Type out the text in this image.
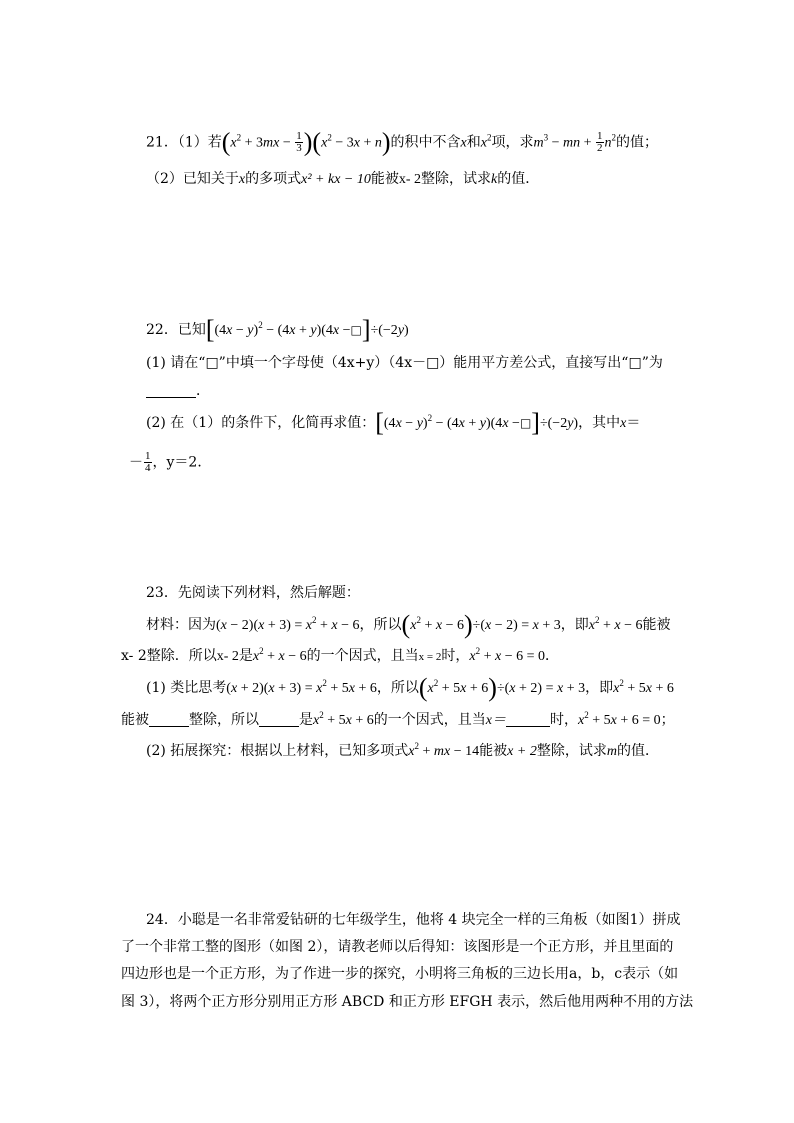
21．（1）若$(x^2 + 3mx - \frac{1}{3} )(x^2 - 3x + n)$的积中不含x和$x^2$项，求$m^3$ − mn + $\frac{1}{2} n^2$的值；
（2）已知关于x的多项式x² + kx − 10能被x- 2整除，试求k的值．
22．已知[$(4x - y)^2 - (4x + y)(4x$ −□]÷(−2y)
(1) 请在“□”中填一个字母使（4x+y）（4x－□）能用平方差公式，直接写出“□”为
．
(2) 在（1）的条件下，化简再求值：[$(4x - y)^2 - (4x + y)(4x$ −□]÷(−2y)，其中x＝
－ $\frac{1}{4}$ ，y＝2．
23．先阅读下列材料，然后解题：
材料：因为$(x - 2)(x + 3) = x^2 + x - 6$，所以$(x^2 + x - 6)\div(x - 2) = x + 3$，即$x^2 + x - 6$能被
x- 2整除．所以x- 2是$x^2 + x - 6$的一个因式，且当x = 2时，$x^2 + x - 6 = 0$．
(1) 类比思考$(x + 2)(x + 3) = x^2 + 5x + 6$，所以$(x^2 + 5x + 6)\div(x + 2) = x + 3$，即$x^2 + 5x + 6$
能被	整除，所以	是$x^2 + 5x + 6$的一个因式，且当x＝	时，$x^2 + 5x + 6 = 0$；
(2) 拓展探究：根据以上材料，已知多项式$x^2$ + mx − 14能被x + 2整除，试求m的值．
24．小聪是一名非常爱钻研的七年级学生，他将 4 块完全一样的三角板（如图1）拼成
了一个非常工整的图形（如图 2），请教老师以后得知：该图形是一个正方形，并且里面的
四边形也是一个正方形，为了作进一步的探究，小明将三角板的三边长用a，b，c表示（如
图 3），将两个正方形分别用正方形 ABCD 和正方形 EFGH 表示，然后他用两种不用的方法
